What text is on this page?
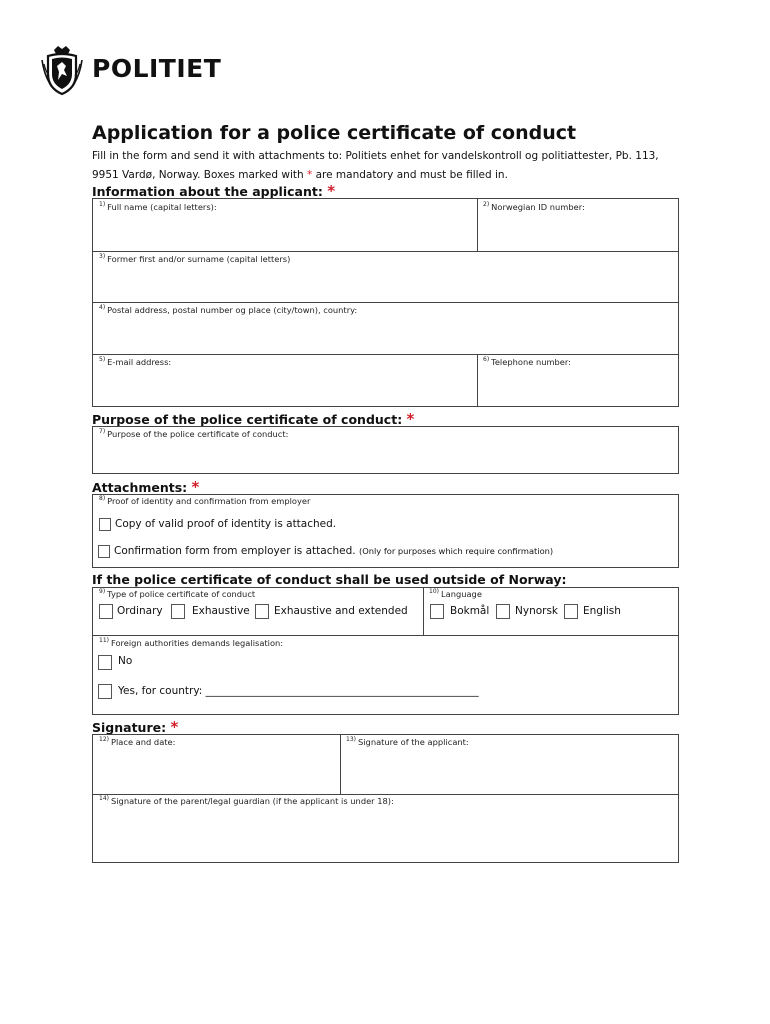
POLITIET
Application for a police certificate of conduct
Fill in the form and send it with attachments to: Politiets enhet for vandelskontroll og politiattester, Pb. 113,
9951 Vardø, Norway. Boxes marked with * are mandatory and must be filled in.
Information about the applicant: *
$^{1)}$ Full name (capital letters):	$^{2)}$ Norwegian ID number:
$^{3)}$ Former first and/or surname (capital letters)
$^{4)}$ Postal address, postal number og place (city/town), country:
$^{5)}$ E-mail address:	$^{6)}$ Telephone number:
Purpose of the police certificate of conduct: *
$^{7)}$ Purpose of the police certificate of conduct:
Attachments: *
$^{8)}$ Proof of identity and confirmation from employer
Copy of valid proof of identity is attached.
Confirmation form from employer is attached. (Only for purposes which require confirmation)
If the police certificate of conduct shall be used outside of Norway:
$^{9)}$ Type of police certificate of conduct
Ordinary	Exhaustive Exhaustive and extended
$^{10)}$ Language
Bokmål Nynorsk English
$^{11)}$ Foreign authorities demands legalisation:
No
Yes, for country: ____________________________________________________
Signature: *
$^{12)}$ Place and date:	$^{13)}$ Signature of the applicant:
$^{14)}$ Signature of the parent/legal guardian (if the applicant is under 18):
